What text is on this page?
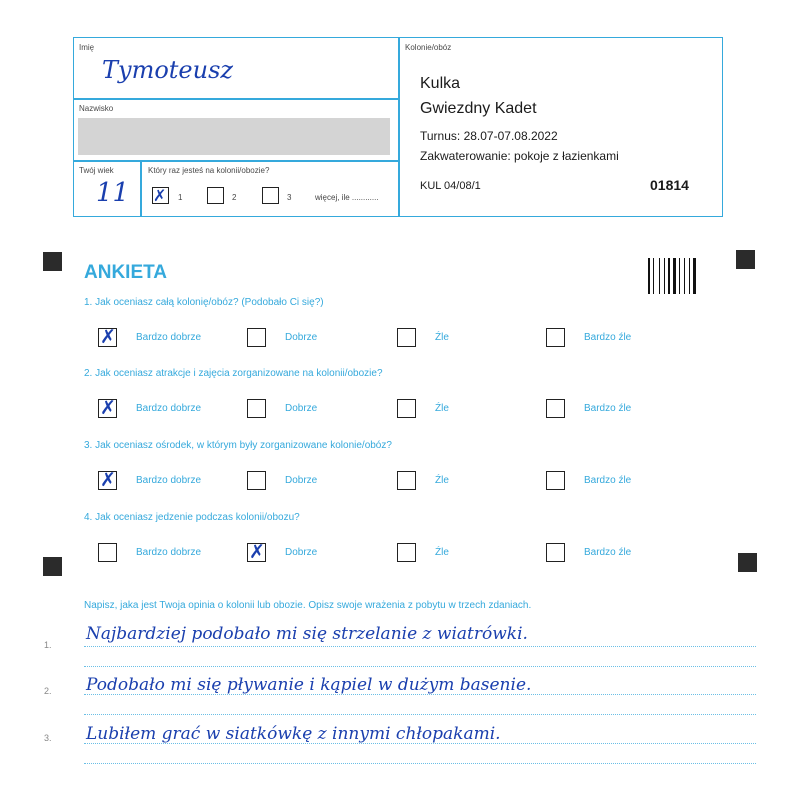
Imię
Tymoteusz
Nazwisko
Twój wiek
11
Który raz jesteś na kolonii/obozie?
✗ 1	2	3	więcej, ile ............
Kolonie/obóz
Kulka
Gwiezdny Kadet
Turnus: 28.07-07.08.2022
Zakwaterowanie: pokoje z łazienkami
KUL 04/08/1	01814
ANKIETA
1. Jak oceniasz całą kolonię/obóz? (Podobało Ci się?)
✗ Bardzo dobrze	Dobrze	Źle	Bardzo źle
2. Jak oceniasz atrakcje i zajęcia zorganizowane na kolonii/obozie?
✗ Bardzo dobrze	Dobrze	Źle	Bardzo źle
3. Jak oceniasz ośrodek, w którym były zorganizowane kolonie/obóz?
✗ Bardzo dobrze	Dobrze	Źle	Bardzo źle
4. Jak oceniasz jedzenie podczas kolonii/obozu?
Bardzo dobrze	✗ Dobrze	Źle	Bardzo źle
Napisz, jaka jest Twoja opinia o kolonii lub obozie. Opisz swoje wrażenia z pobytu w trzech zdaniach.
1.
Najbardziej podobało mi się strzelanie z wiatrówki.
2. Podobało mi się pływanie i kąpiel w dużym basenie.
3. Lubiłem grać w siatkówkę z innymi chłopakami.
